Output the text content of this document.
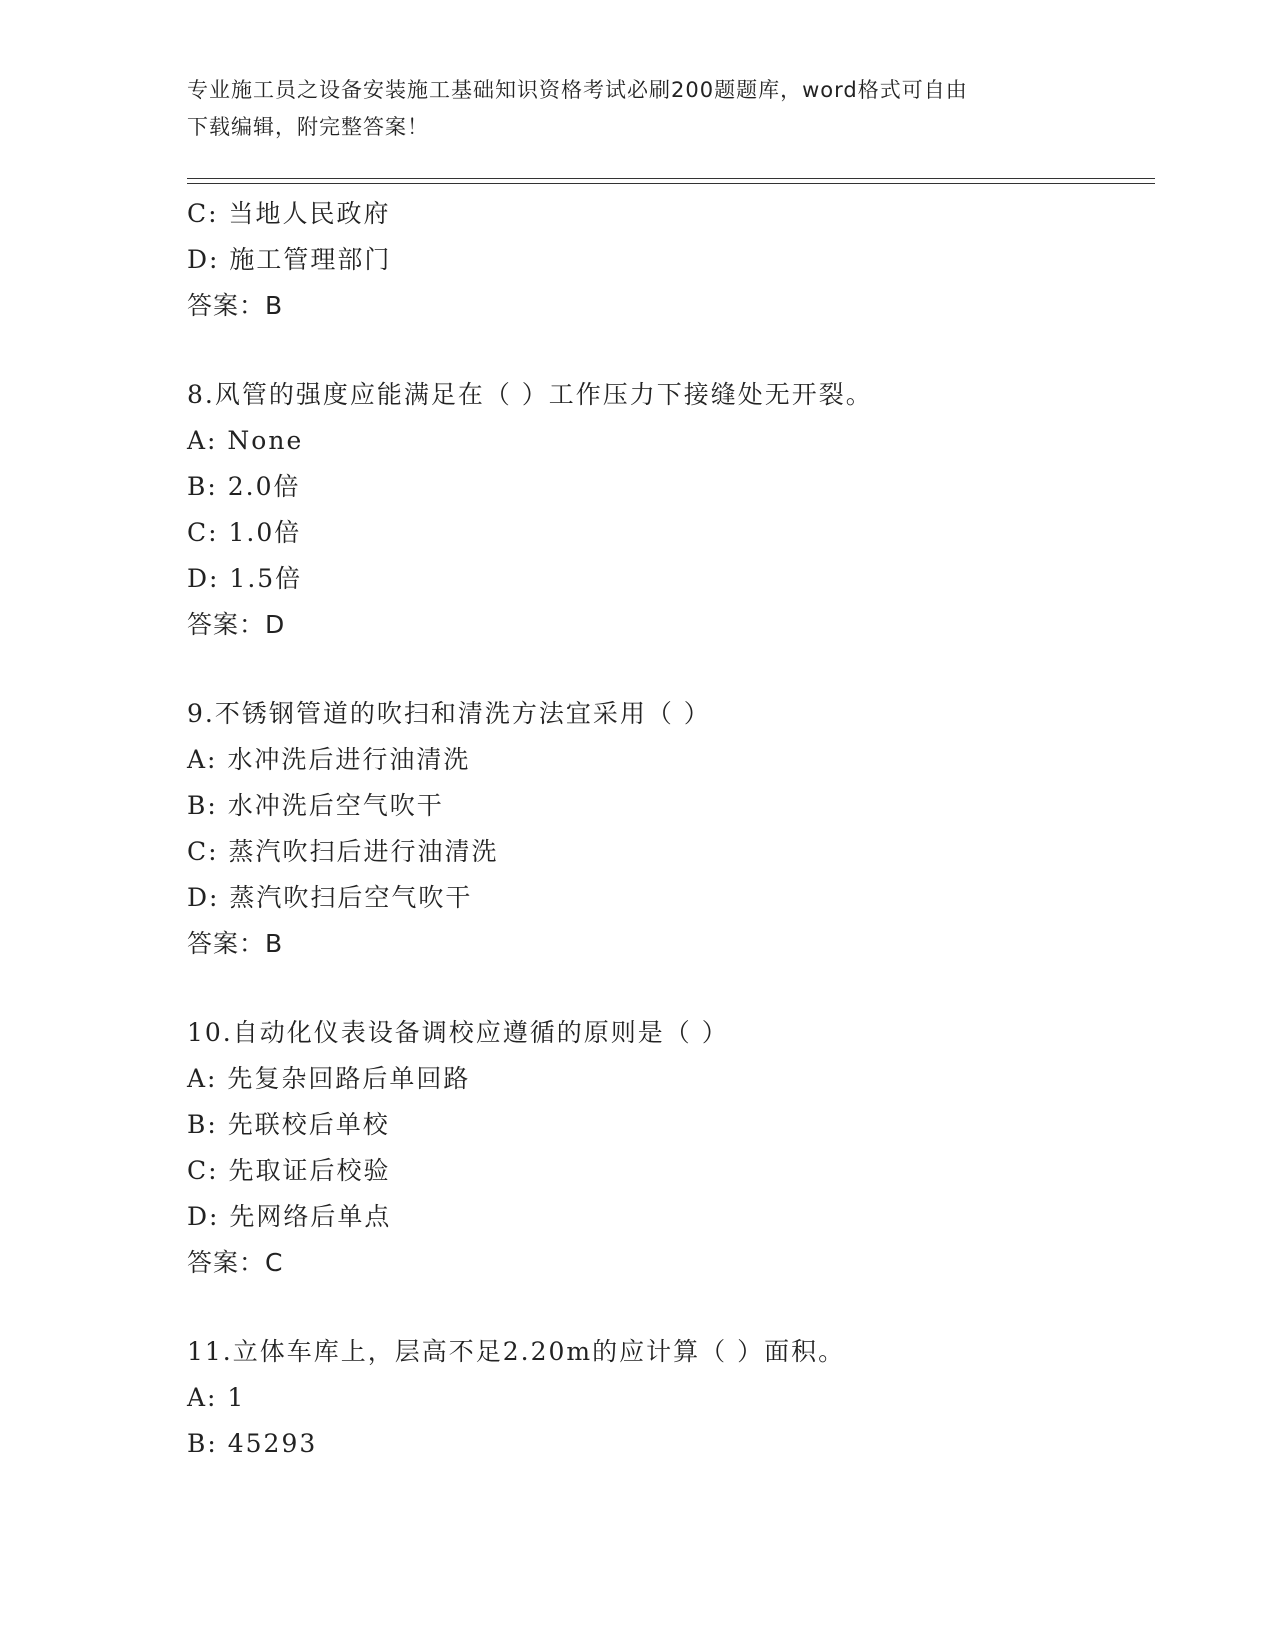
专业施工员之设备安装施工基础知识资格考试必刷200题题库，word格式可自由
下载编辑，附完整答案！
C: 当地人民政府
D: 施工管理部门
答案：B
8.风管的强度应能满足在（ ）工作压力下接缝处无开裂。
A: None
B: 2.0倍
C: 1.0倍
D: 1.5倍
答案：D
9.不锈钢管道的吹扫和清洗方法宜采用（ ）
A: 水冲洗后进行油清洗
B: 水冲洗后空气吹干
C: 蒸汽吹扫后进行油清洗
D: 蒸汽吹扫后空气吹干
答案：B
10.自动化仪表设备调校应遵循的原则是（ ）
A: 先复杂回路后单回路
B: 先联校后单校
C: 先取证后校验
D: 先网络后单点
答案：C
11.立体车库上，层高不足2.20m的应计算（ ）面积。
A: 1
B: 45293
